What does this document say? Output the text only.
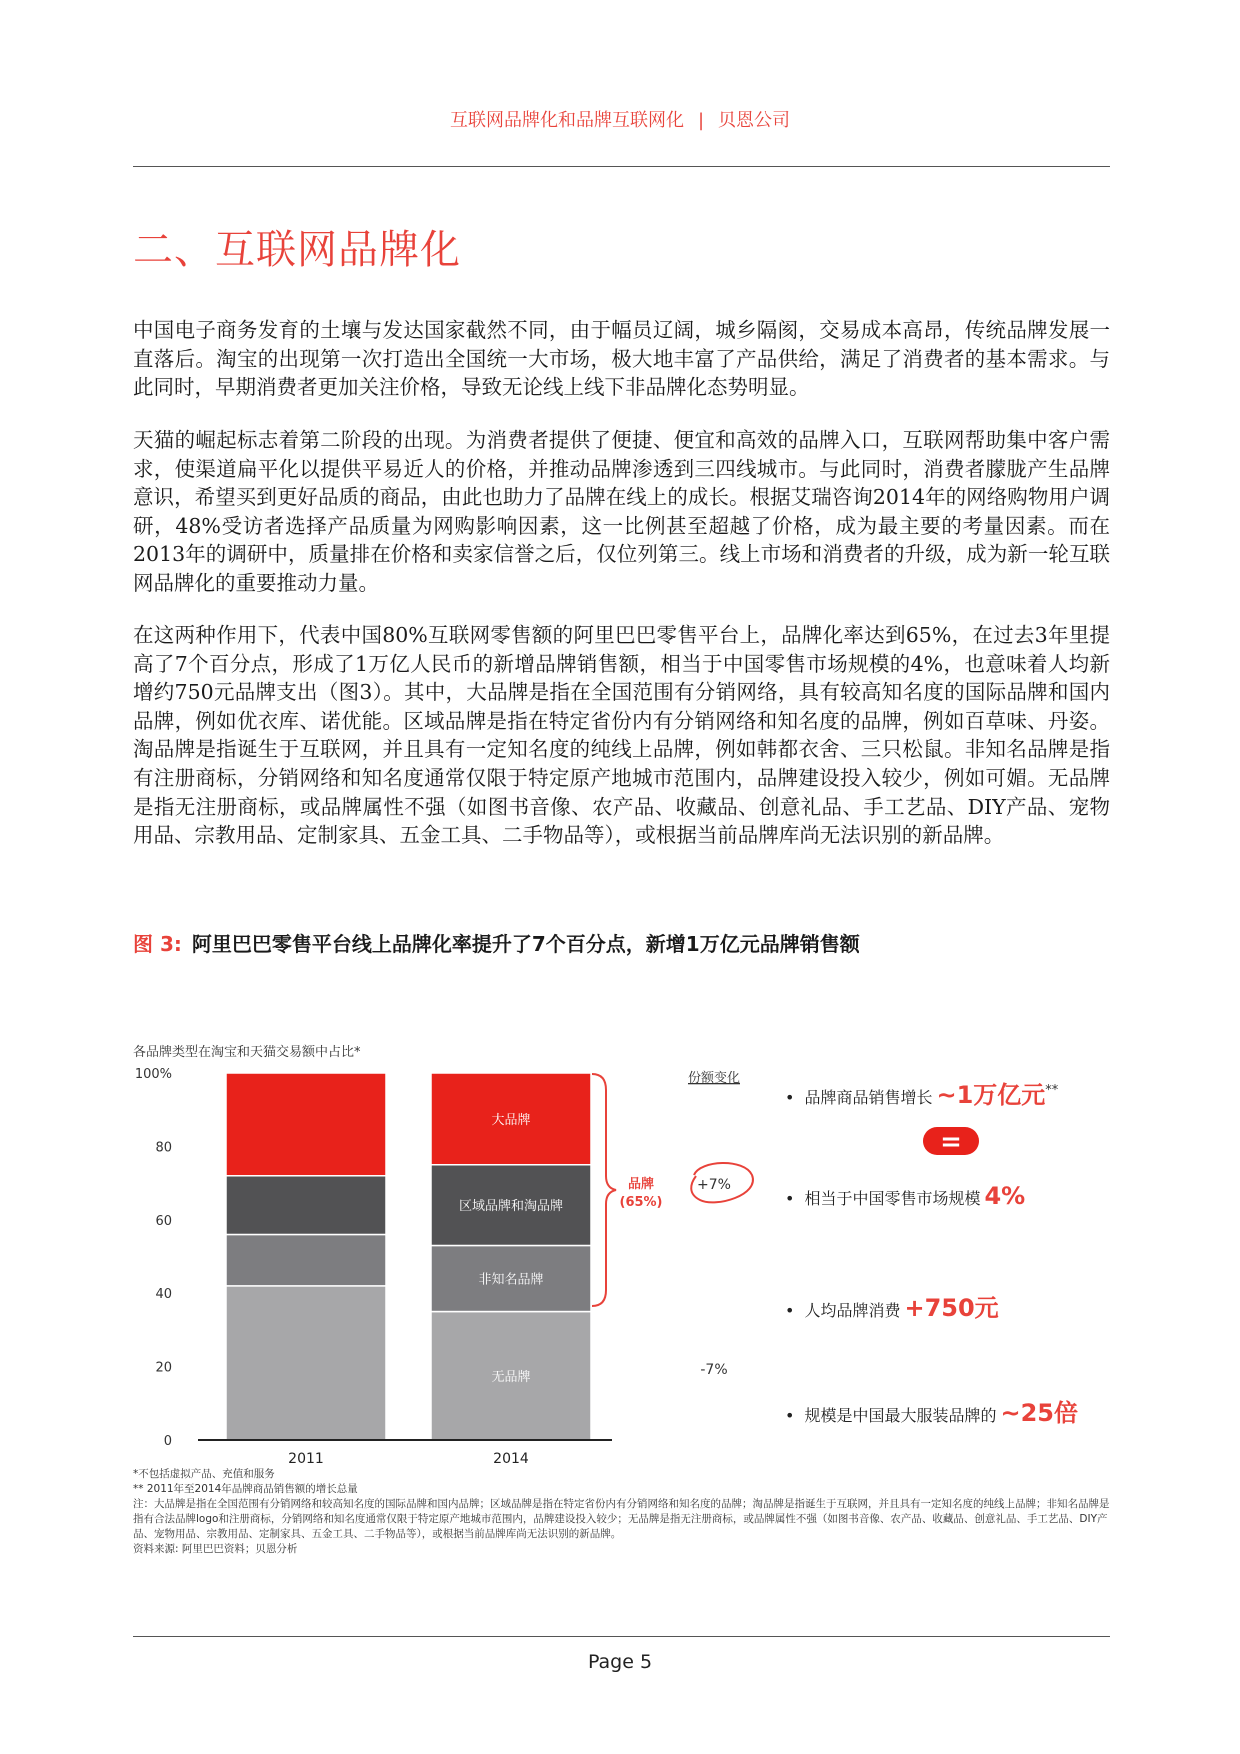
互联网品牌化和品牌互联网化 | 贝恩公司
二、互联网品牌化

中国电子商务发育的土壤与发达国家截然不同，由于幅员辽阔，城乡隔阂，交易成本高昂，传统品牌发展一直落后。淘宝的出现第一次打造出全国统一大市场，极大地丰富了产品供给，满足了消费者的基本需求。与此同时，早期消费者更加关注价格，导致无论线上线下非品牌化态势明显。

天猫的崛起标志着第二阶段的出现。为消费者提供了便捷、便宜和高效的品牌入口，互联网帮助集中客户需求，使渠道扁平化以提供平易近人的价格，并推动品牌渗透到三四线城市。与此同时，消费者朦胧产生品牌意识，希望买到更好品质的商品，由此也助力了品牌在线上的成长。根据艾瑞咨询2014年的网络购物用户调研，48%受访者选择产品质量为网购影响因素，这一比例甚至超越了价格，成为最主要的考量因素。而在2013年的调研中，质量排在价格和卖家信誉之后，仅位列第三。线上市场和消费者的升级，成为新一轮互联网品牌化的重要推动力量。

在这两种作用下，代表中国80%互联网零售额的阿里巴巴零售平台上，品牌化率达到65%，在过去3年里提高了7个百分点，形成了1万亿人民币的新增品牌销售额，相当于中国零售市场规模的4%，也意味着人均新增约750元品牌支出（图3）。其中，大品牌是指在全国范围有分销网络，具有较高知名度的国际品牌和国内品牌，例如优衣库、诺优能。区域品牌是指在特定省份内有分销网络和知名度的品牌，例如百草味、丹姿。淘品牌是指诞生于互联网，并且具有一定知名度的纯线上品牌，例如韩都衣舍、三只松鼠。非知名品牌是指有注册商标，分销网络和知名度通常仅限于特定原产地城市范围内，品牌建设投入较少，例如可媚。无品牌是指无注册商标，或品牌属性不强（如图书音像、农产品、收藏品、创意礼品、手工艺品、DIY产品、宠物用品、宗教用品、定制家具、五金工具、二手物品等），或根据当前品牌库尚无法识别的新品牌。

图 3: 阿里巴巴零售平台线上品牌化率提升了7个百分点，新增1万亿元品牌销售额
各品牌类型在淘宝和天猫交易额中占比*
0
20
40
60
80
100%
无品牌
非知名品牌
区域品牌和淘品牌
大品牌
2011	2014
品牌
(65%)
份额变化
+7%
-7%
=
• 品牌商品销售增长 ~1万亿元**
• 相当于中国零售市场规模 4%
• 人均品牌消费 +750元
• 规模是中国最大服装品牌的 ~25倍
*不包括虚拟产品、充值和服务
** 2011年至2014年品牌商品销售额的增长总量
注：大品牌是指在全国范围有分销网络和较高知名度的国际品牌和国内品牌；区域品牌是指在特定省份内有分销网络和知名度的品牌；淘品牌是指诞生于互联网，并且具有一定知名度的纯线上品牌；非知名品牌是指有合法品牌logo和注册商标，分销网络和知名度通常仅限于特定原产地城市范围内，品牌建设投入较少；无品牌是指无注册商标，或品牌属性不强（如图书音像、农产品、收藏品、创意礼品、手工艺品、DIY产品、宠物用品、宗教用品、定制家具、五金工具、二手物品等），或根据当前品牌库尚无法识别的新品牌。
资料来源: 阿里巴巴资料；贝恩分析
Page 5
